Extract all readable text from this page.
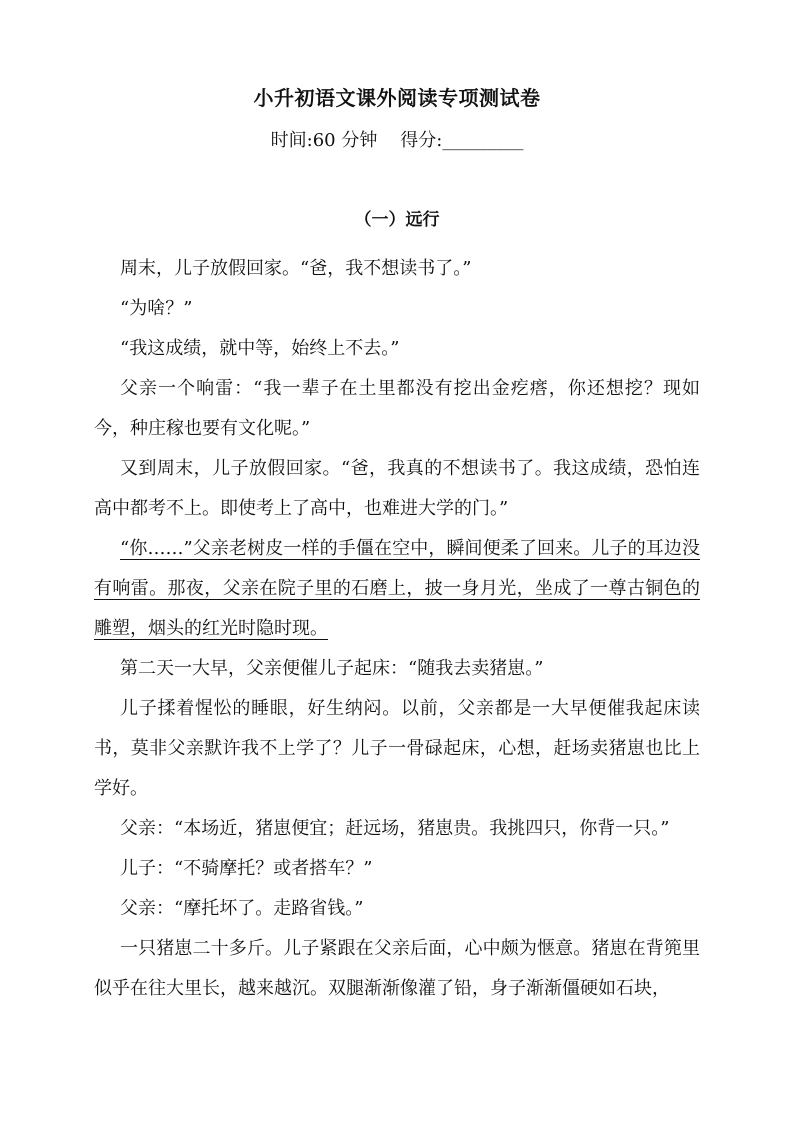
小升初语文课外阅读专项测试卷
时间:60 分钟 得分:_________
（一）远行

周末，儿子放假回家。“爸，我不想读书了。”

“为啥？”

“我这成绩，就中等，始终上不去。”

父亲一个响雷：“我一辈子在土里都没有挖出金疙瘩，你还想挖？现如今，种庄稼也要有文化呢。”

又到周末，儿子放假回家。“爸，我真的不想读书了。我这成绩，恐怕连高中都考不上。即使考上了高中，也难进大学的门。”

“你……”父亲老树皮一样的手僵在空中，瞬间便柔了回来。儿子的耳边没有响雷。那夜，父亲在院子里的石磨上，披一身月光，坐成了一尊古铜色的雕塑，烟头的红光时隐时现。

第二天一大早，父亲便催儿子起床：“随我去卖猪崽。”

儿子揉着惺忪的睡眼，好生纳闷。以前，父亲都是一大早便催我起床读书，莫非父亲默许我不上学了？儿子一骨碌起床，心想，赶场卖猪崽也比上学好。

父亲：“本场近，猪崽便宜；赶远场，猪崽贵。我挑四只，你背一只。”

儿子：“不骑摩托？或者搭车？”

父亲：“摩托坏了。走路省钱。”

一只猪崽二十多斤。儿子紧跟在父亲后面，心中颇为惬意。猪崽在背篼里似乎在往大里长，越来越沉。双腿渐渐像灌了铅，身子渐渐僵硬如石块，
